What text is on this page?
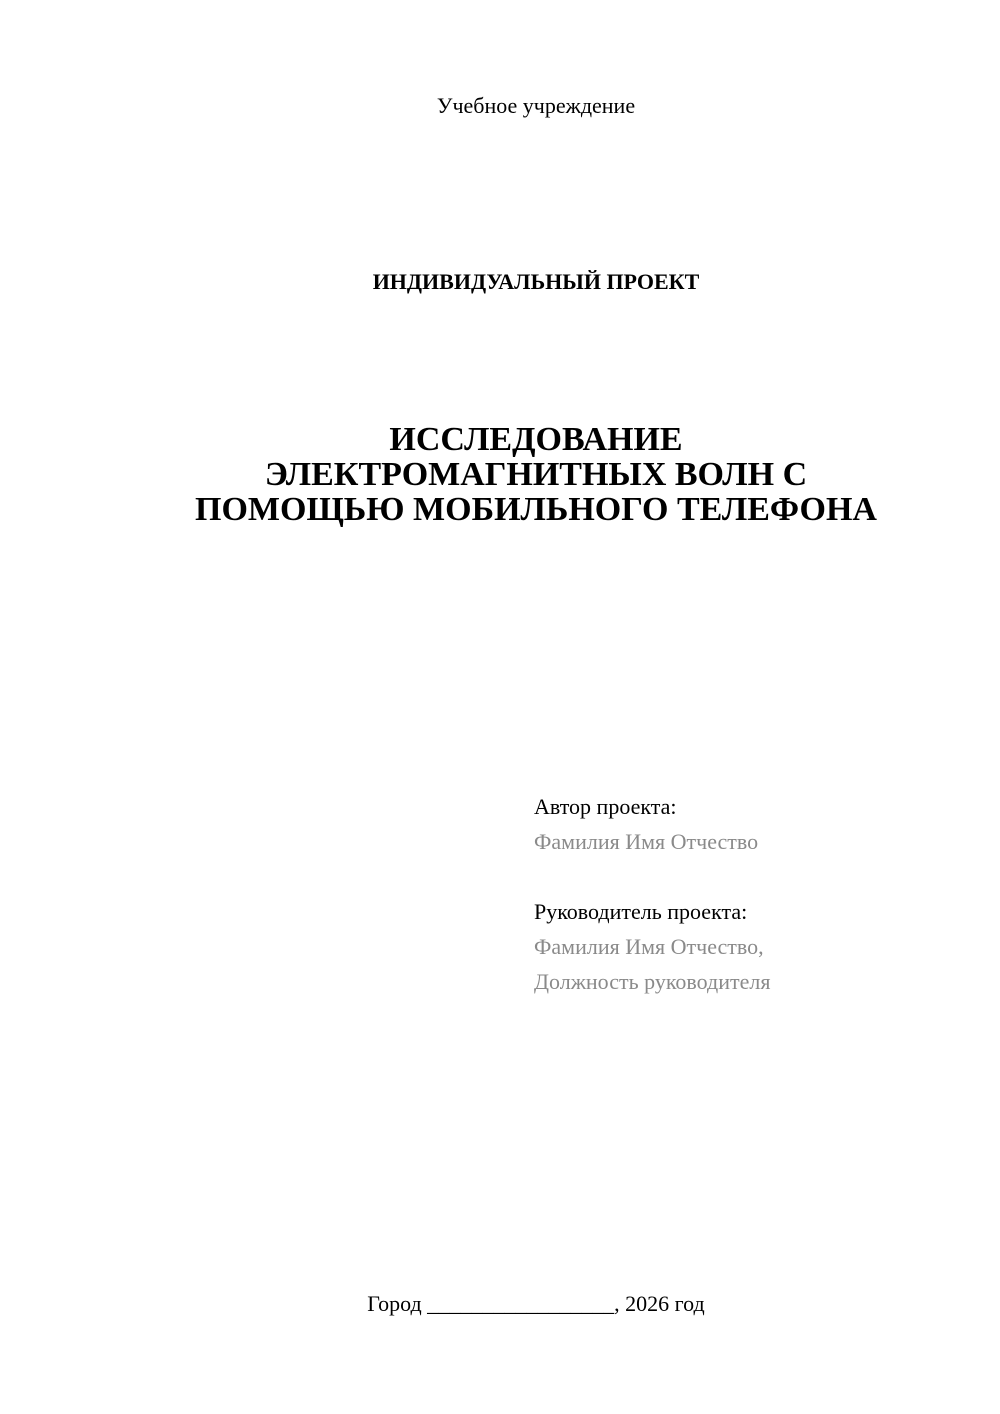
Учебное учреждение
ИНДИВИДУАЛЬНЫЙ ПРОЕКТ
ИССЛЕДОВАНИЕ
ЭЛЕКТРОМАГНИТНЫХ ВОЛН С
ПОМОЩЬЮ МОБИЛЬНОГО ТЕЛЕФОНА
Автор проекта:
Фамилия Имя Отчество
Руководитель проекта:
Фамилия Имя Отчество,
Должность руководителя
Город _________________, 2026 год
